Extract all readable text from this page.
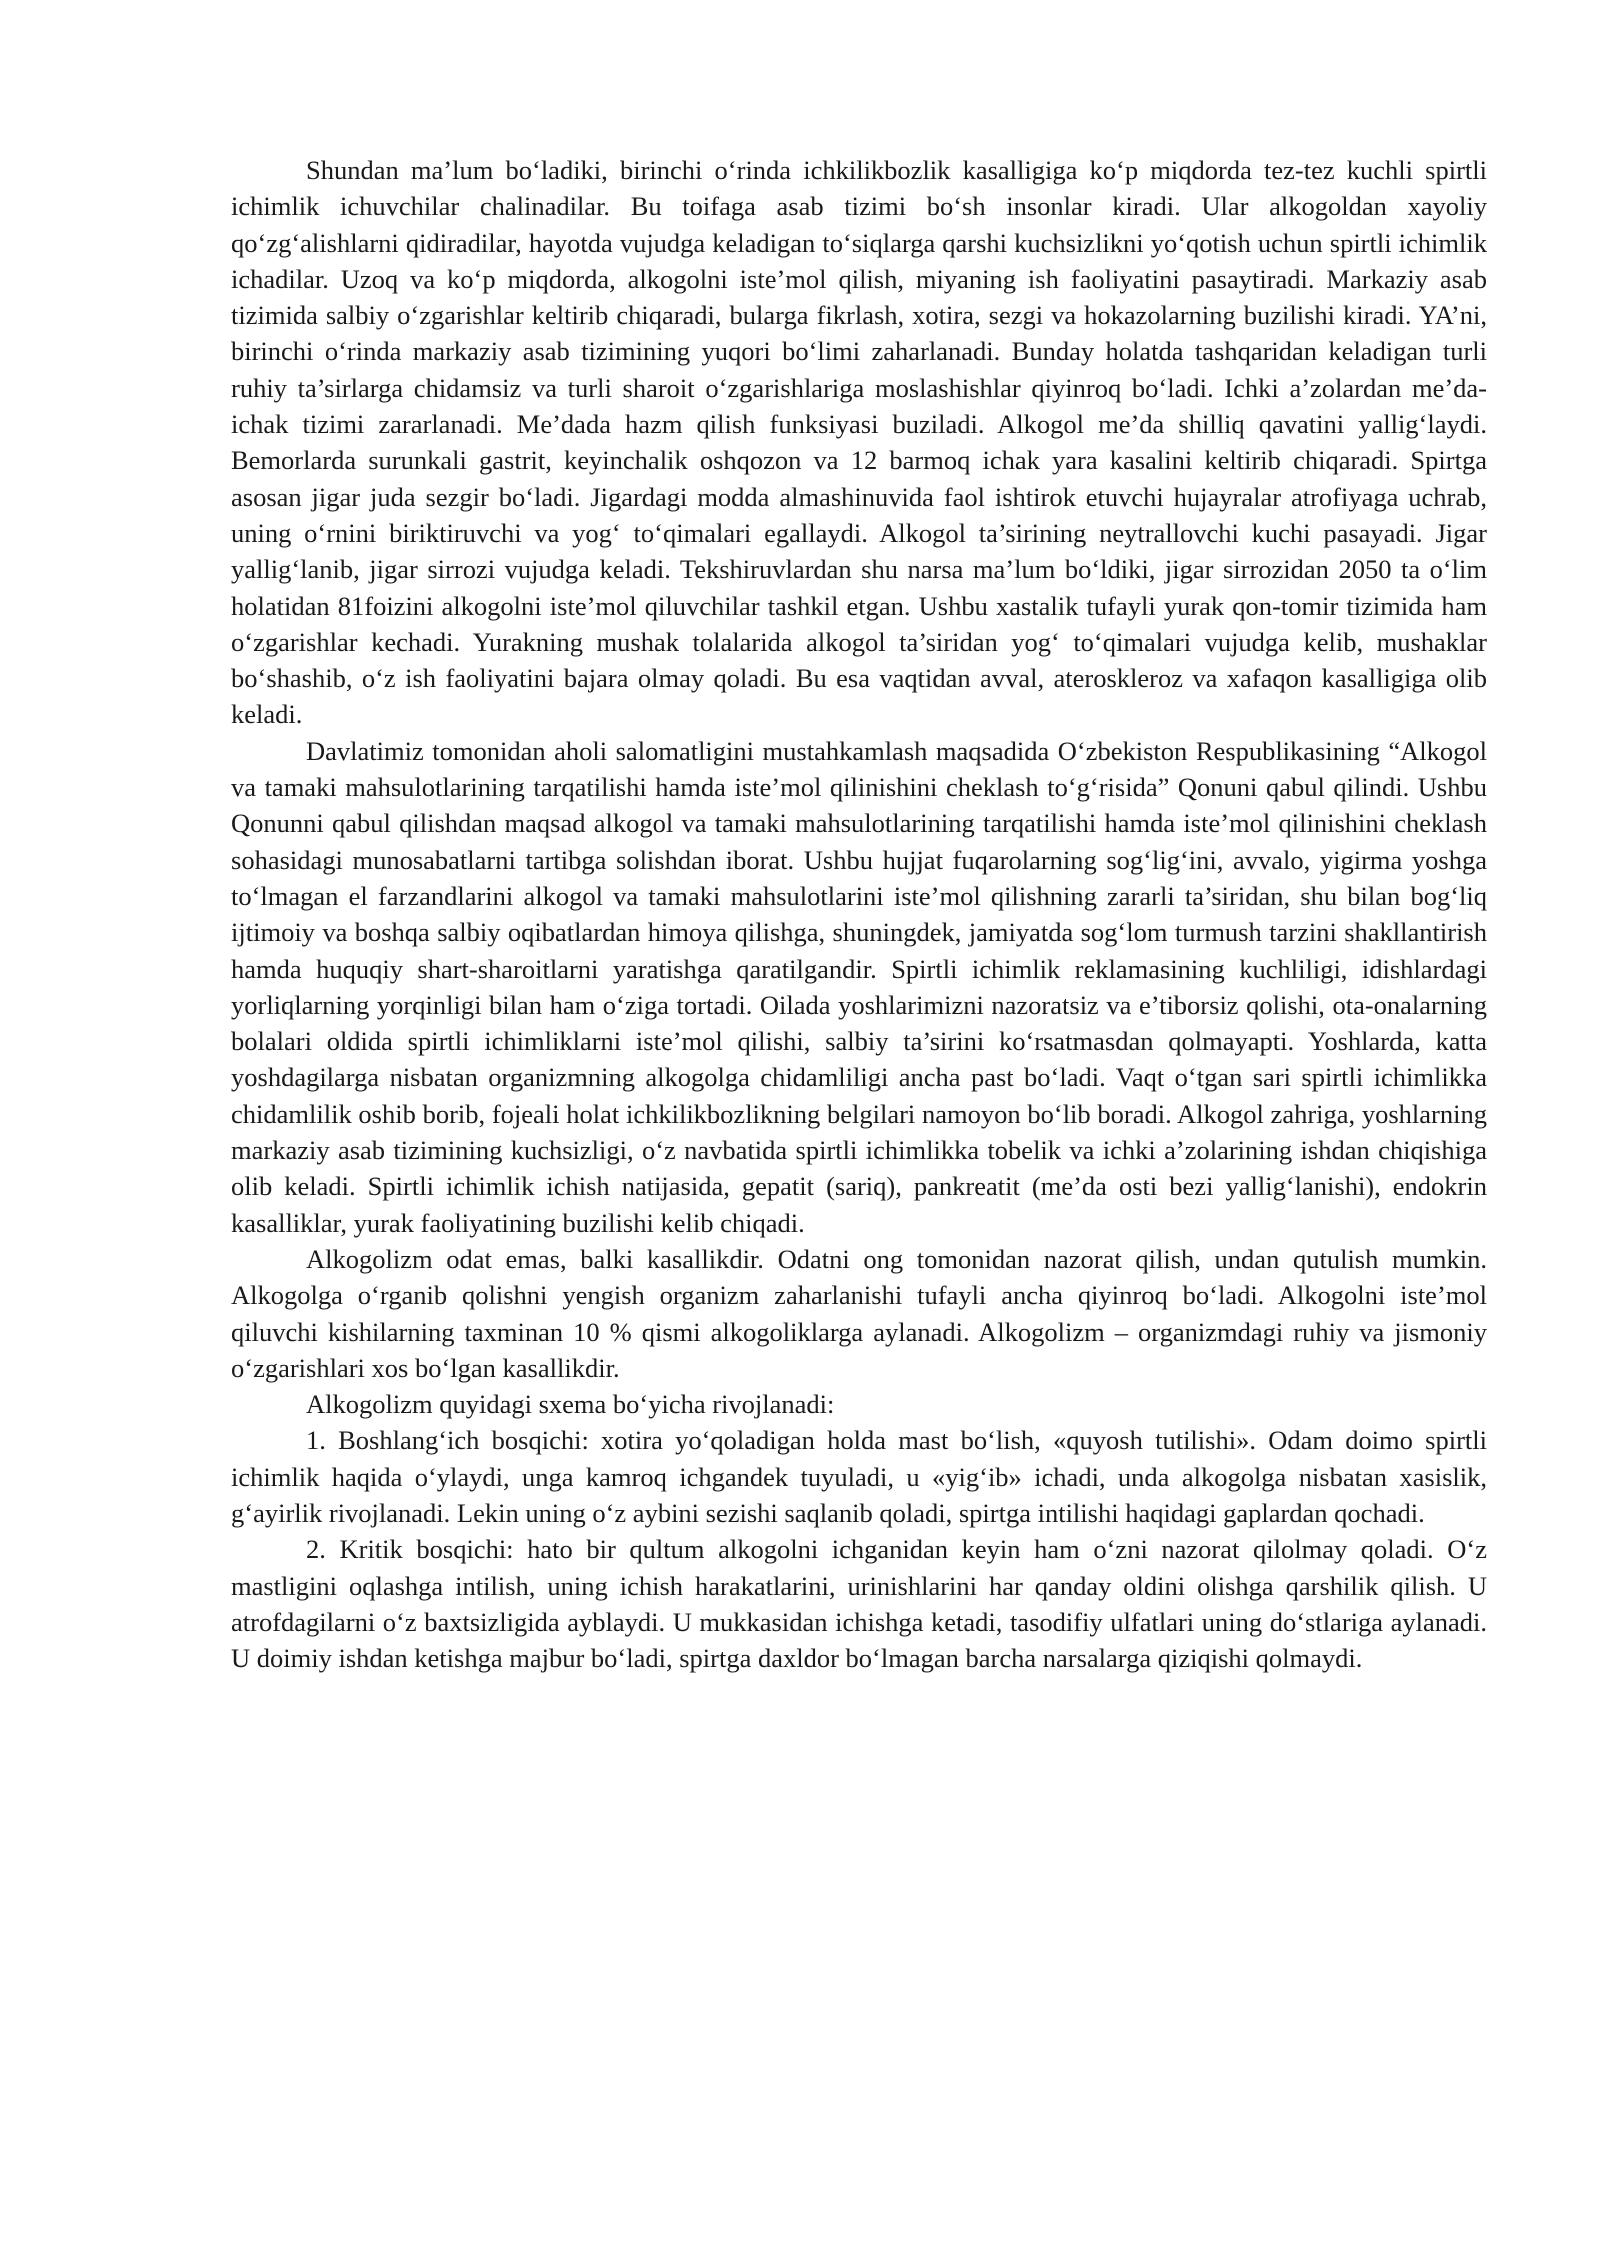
Shundan ma’lum bo‘ladiki, birinchi o‘rinda ichkilikbozlik kasalligiga ko‘p miqdorda tez-tez kuchli spirtli ichimlik ichuvchilar chalinadilar. Bu toifaga asab tizimi bo‘sh insonlar kiradi. Ular alkogoldan xayoliy qo‘zg‘alishlarni qidiradilar, hayotda vujudga keladigan to‘siqlarga qarshi kuchsizlikni yo‘qotish uchun spirtli ichimlik ichadilar. Uzoq va ko‘p miqdorda, alkogolni iste’mol qilish, miyaning ish faoliyatini pasaytiradi. Markaziy asab tizimida salbiy o‘zgarishlar keltirib chiqaradi, bularga fikrlash, xotira, sezgi va hokazolarning buzilishi kiradi. YA’ni, birinchi o‘rinda markaziy asab tizimining yuqori bo‘limi zaharlanadi. Bunday holatda tashqaridan keladigan turli ruhiy ta’sirlarga chidamsiz va turli sharoit o‘zgarishlariga moslashishlar qiyinroq bo‘ladi. Ichki a’zolardan me’da-ichak tizimi zararlanadi. Me’dada hazm qilish funksiyasi buziladi. Alkogol me’da shilliq qavatini yallig‘laydi. Bemorlarda surunkali gastrit, keyinchalik oshqozon va 12 barmoq ichak yara kasalini keltirib chiqaradi. Spirtga asosan jigar juda sezgir bo‘ladi. Jigardagi modda almashinuvida faol ishtirok etuvchi hujayralar atrofiyaga uchrab, uning o‘rnini biriktiruvchi va yog‘ to‘qimalari egallaydi. Alkogol ta’sirining neytrallovchi kuchi pasayadi. Jigar yallig‘lanib, jigar sirrozi vujudga keladi. Tekshiruvlardan shu narsa ma’lum bo‘ldiki, jigar sirrozidan 2050 ta o‘lim holatidan 81foizini alkogolni iste’mol qiluvchilar tashkil etgan. Ushbu xastalik tufayli yurak qon-tomir tizimida ham o‘zgarishlar kechadi. Yurakning mushak tolalarida alkogol ta’siridan yog‘ to‘qimalari vujudga kelib, mushaklar bo‘shashib, o‘z ish faoliyatini bajara olmay qoladi. Bu esa vaqtidan avval, ateroskleroz va xafaqon kasalligiga olib keladi.

Davlatimiz tomonidan aholi salomatligini mustahkamlash maqsadida O‘zbekiston Respublikasining “Alkogol va tamaki mahsulotlarining tarqatilishi hamda iste’mol qilinishini cheklash to‘g‘risida” Qonuni qabul qilindi. Ushbu Qonunni qabul qilishdan maqsad alkogol va tamaki mahsulotlarining tarqatilishi hamda iste’mol qilinishini cheklash sohasidagi munosabatlarni tartibga solishdan iborat. Ushbu hujjat fuqarolarning sog‘lig‘ini, avvalo, yigirma yoshga to‘lmagan el farzandlarini alkogol va tamaki mahsulotlarini iste’mol qilishning zararli ta’siridan, shu bilan bog‘liq ijtimoiy va boshqa salbiy oqibatlardan himoya qilishga, shuningdek, jamiyatda sog‘lom turmush tarzini shakllantirish hamda huquqiy shart-sharoitlarni yaratishga qaratilgandir. Spirtli ichimlik reklamasining kuchliligi, idishlardagi yorliqlarning yorqinligi bilan ham o‘ziga tortadi. Oilada yoshlarimizni nazoratsiz va e’tiborsiz qolishi, ota-onalarning bolalari oldida spirtli ichimliklarni iste’mol qilishi, salbiy ta’sirini ko‘rsatmasdan qolmayapti. Yoshlarda, katta yoshdagilarga nisbatan organizmning alkogolga chidamliligi ancha past bo‘ladi. Vaqt o‘tgan sari spirtli ichimlikka chidamlilik oshib borib, fojeali holat ichkilikbozlikning belgilari namoyon bo‘lib boradi. Alkogol zahriga, yoshlarning markaziy asab tizimining kuchsizligi, o‘z navbatida spirtli ichimlikka tobelik va ichki a’zolarining ishdan chiqishiga olib keladi. Spirtli ichimlik ichish natijasida, gepatit (sariq), pankreatit (me’da osti bezi yallig‘lanishi), endokrin kasalliklar, yurak faoliyatining buzilishi kelib chiqadi.

Alkogolizm odat emas, balki kasallikdir. Odatni ong tomonidan nazorat qilish, undan qutulish mumkin. Alkogolga o‘rganib qolishni yengish organizm zaharlanishi tufayli ancha qiyinroq bo‘ladi. Alkogolni iste’mol qiluvchi kishilarning taxminan 10 % qismi alkogoliklarga aylanadi. Alkogolizm – organizmdagi ruhiy va jismoniy o‘zgarishlari xos bo‘lgan kasallikdir.

Alkogolizm quyidagi sxema bo‘yicha rivojlanadi:

1. Boshlang‘ich bosqichi: xotira yo‘qoladigan holda mast bo‘lish, «quyosh tutilishi». Odam doimo spirtli ichimlik haqida o‘ylaydi, unga kamroq ichgandek tuyuladi, u «yig‘ib» ichadi, unda alkogolga nisbatan xasislik, g‘ayirlik rivojlanadi. Lekin uning o‘z aybini sezishi saqlanib qoladi, spirtga intilishi haqidagi gaplardan qochadi.

2. Kritik bosqichi: hato bir qultum alkogolni ichganidan keyin ham o‘zni nazorat qilolmay qoladi. O‘z mastligini oqlashga intilish, uning ichish harakatlarini, urinishlarini har qanday oldini olishga qarshilik qilish. U atrofdagilarni o‘z baxtsizligida ayblaydi. U mukkasidan ichishga ketadi, tasodifiy ulfatlari uning do‘stlariga aylanadi. U doimiy ishdan ketishga majbur bo‘ladi, spirtga daxldor bo‘lmagan barcha narsalarga qiziqishi qolmaydi.
